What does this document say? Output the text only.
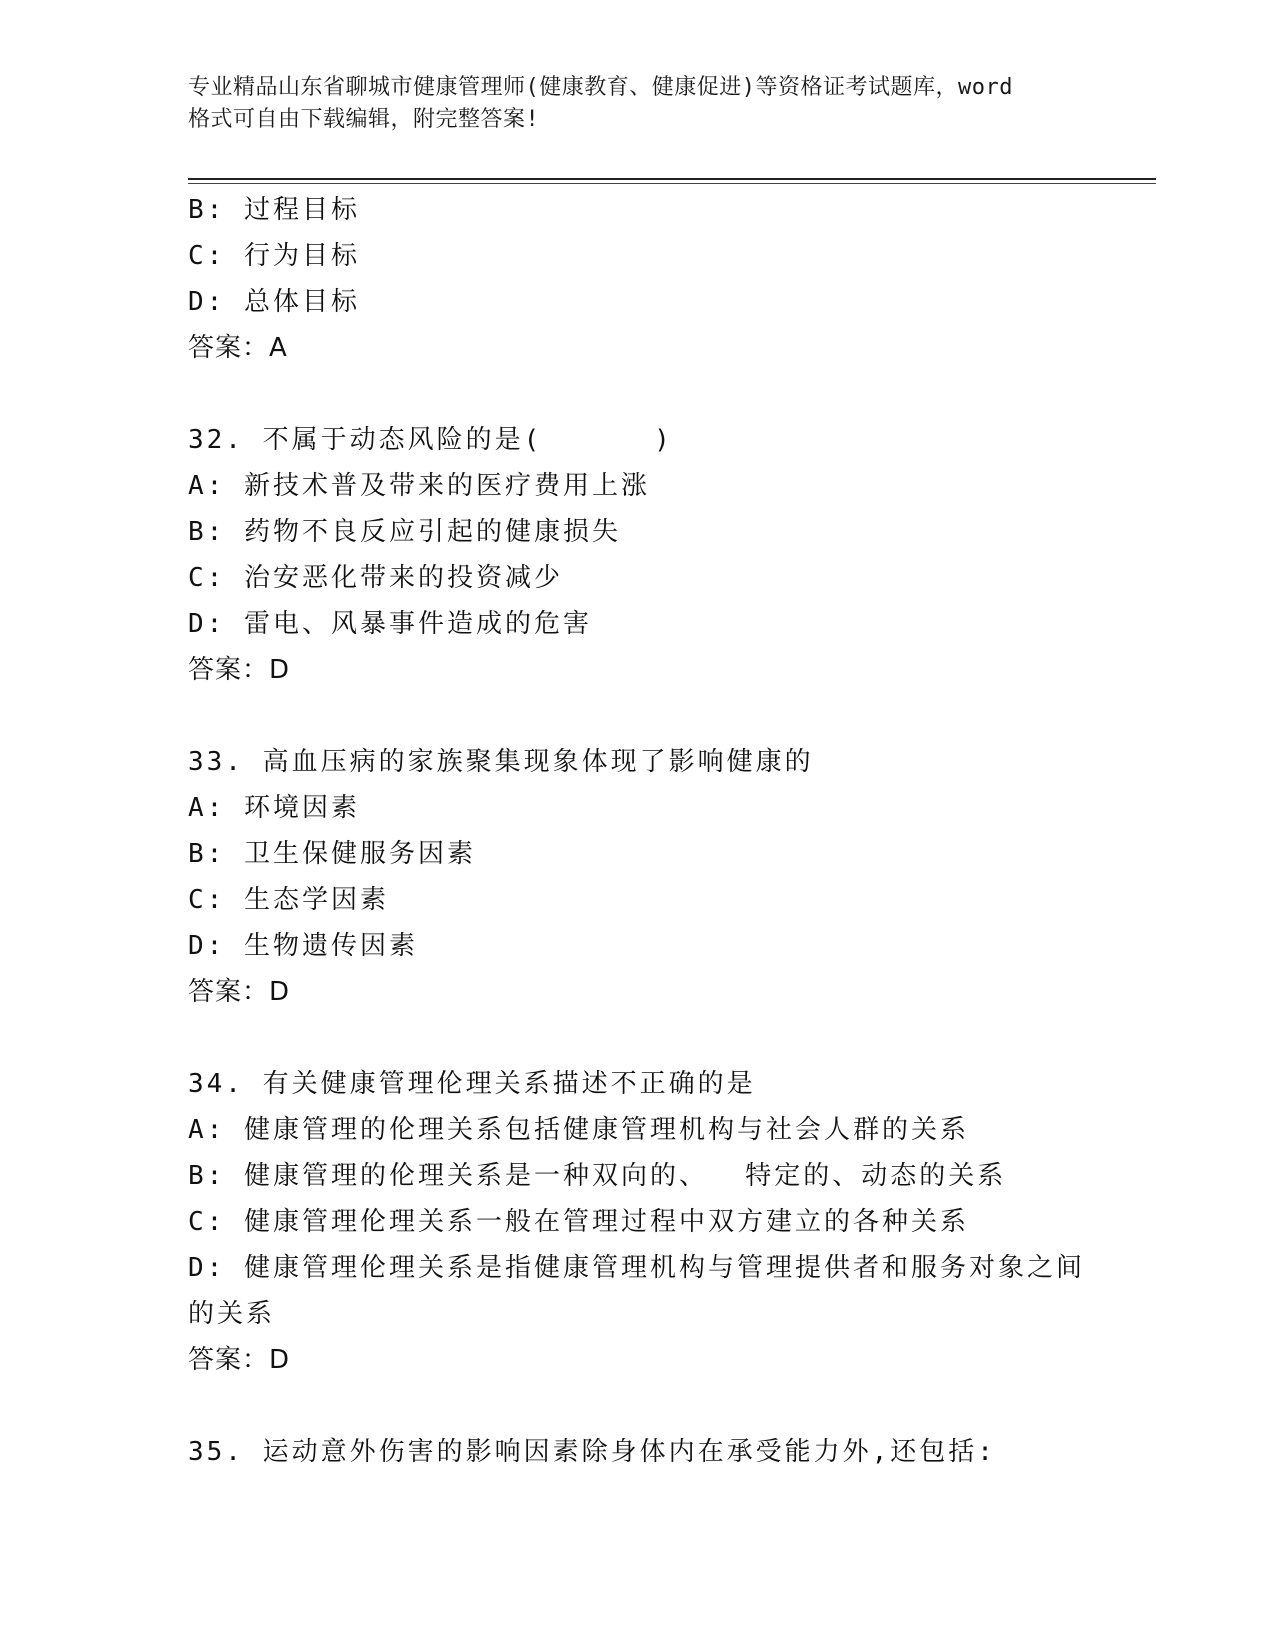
专业精品山东省聊城市健康管理师(健康教育、健康促进)等资格证考试题库，word
格式可自由下载编辑，附完整答案!
B: 过程目标
C: 行为目标
D: 总体目标
答案：A
32. 不属于动态风险的是(      )
A: 新技术普及带来的医疗费用上涨
B: 药物不良反应引起的健康损失
C: 治安恶化带来的投资减少
D: 雷电、风暴事件造成的危害
答案：D
33. 高血压病的家族聚集现象体现了影响健康的
A: 环境因素
B: 卫生保健服务因素
C: 生态学因素
D: 生物遗传因素
答案：D
34. 有关健康管理伦理关系描述不正确的是
A: 健康管理的伦理关系包括健康管理机构与社会人群的关系
B: 健康管理的伦理关系是一种双向的、  特定的、动态的关系
C: 健康管理伦理关系一般在管理过程中双方建立的各种关系
D: 健康管理伦理关系是指健康管理机构与管理提供者和服务对象之间
的关系
答案：D
35. 运动意外伤害的影响因素除身体内在承受能力外,还包括:
